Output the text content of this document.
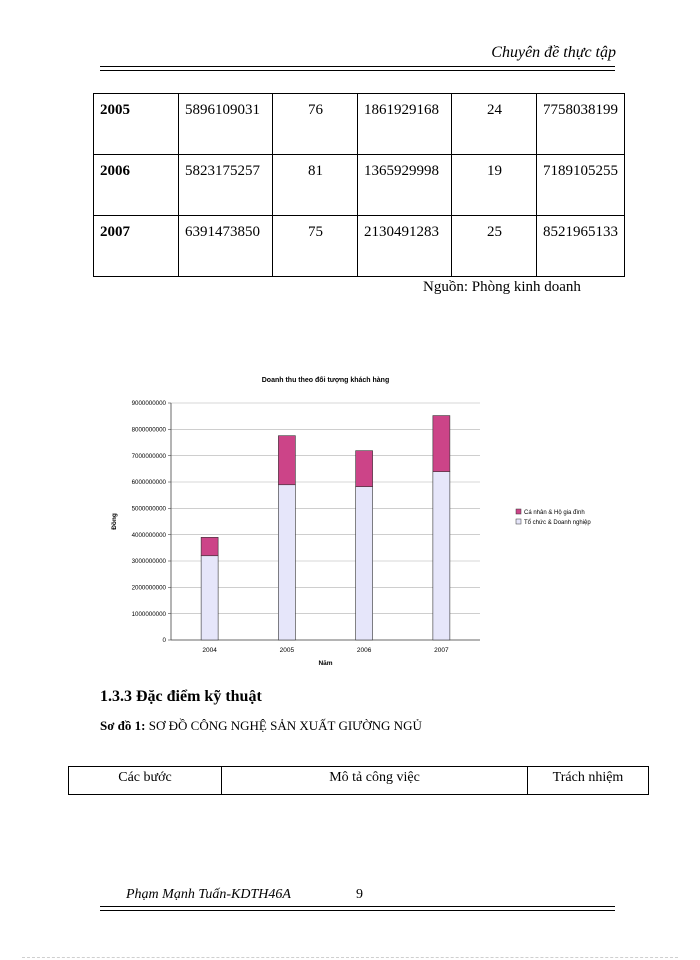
Chuyên đề thực tập
2005	5896109031	76	1861929168	24	7758038199
2006	5823175257	81	1365929998	19	7189105255
2007	6391473850	75	2130491283	25	8521965133
Nguồn: Phòng kinh doanh
Doanh thu theo đối tượng khách hàng
0
1000000000
2000000000
3000000000
4000000000
5000000000
6000000000
7000000000
8000000000
9000000000
2004	2005	2006	2007
Năm
Đồng
Cá nhân & Hộ gia đình
Tổ chức & Doanh nghiệp
1.3.3 Đặc điểm kỹ thuật
Sơ đồ 1: SƠ ĐỒ CÔNG NGHỆ SẢN XUẤT GIƯỜNG NGỦ
Các bước	Mô tả công việc	Trách nhiệm
Phạm Mạnh Tuấn-KDTH46A	9
